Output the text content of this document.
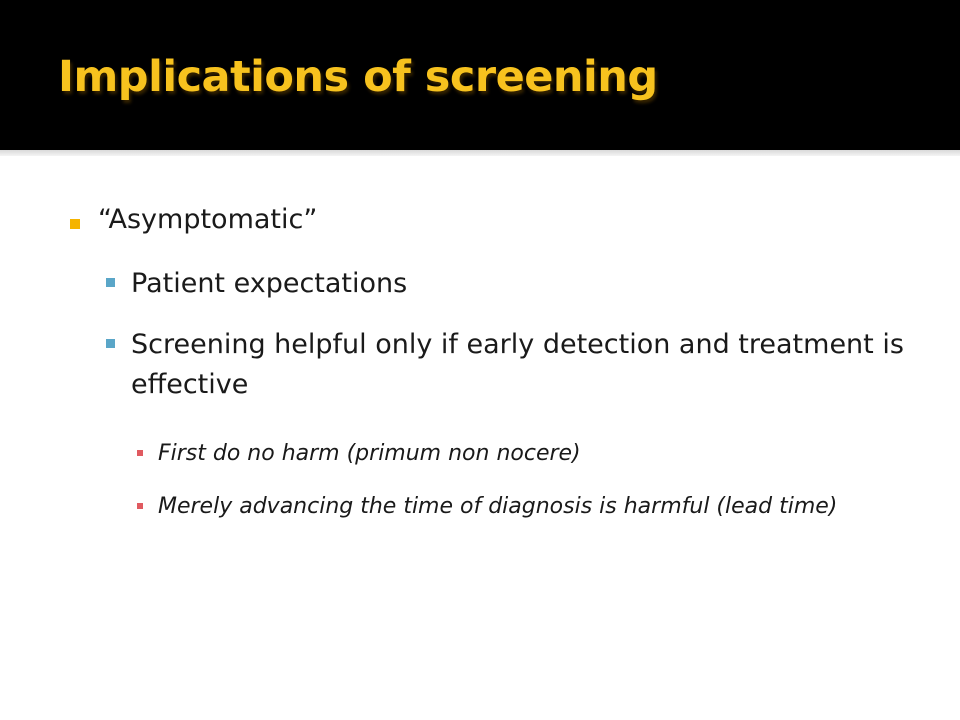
Implications of screening
“Asymptomatic”
Patient expectations
Screening helpful only if early detection and treatment is effective
First do no harm (primum non nocere)
Merely advancing the time of diagnosis is harmful (lead time)
